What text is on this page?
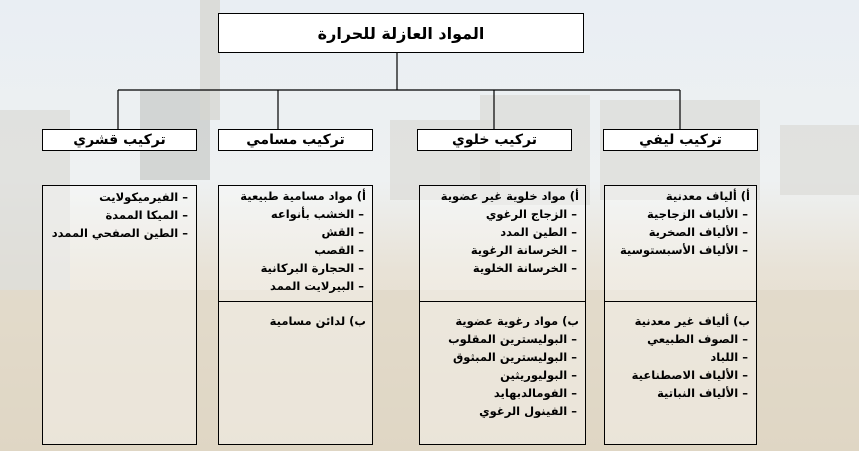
المواد العازلة للحرارة
تركيب ليفي
تركيب خلوي
تركيب مسامي
تركيب قشري
أ) ألياف معدنية
– الألياف الزجاجية
– الألياف الصخرية
– الألياف الأسبستوسية
ب) ألياف غير معدنية
– الصوف الطبيعي
– اللباد
– الألياف الاصطناعية
– الألياف النباتية
أ) مواد خلوية غير عضوية
– الزجاج الرغوي
– الطين المدد
– الخرسانة الرغوية
– الخرسانة الخلوية
ب) مواد رغوية عضوية
– البوليسترين المقلوب
– البوليسترين المبثوق
– البوليوريثين
– الفومالدبهايد
– الفينول الرغوي
أ) مواد مسامية طبيعية
– الخشب بأنواعه
– القش
– القصب
– الحجارة البركانية
– البيرلايت الممد
ب) لدائن مسامية
– الفيرميكولايت
– الميكا الممدة
– الطين الصفحي الممدد
